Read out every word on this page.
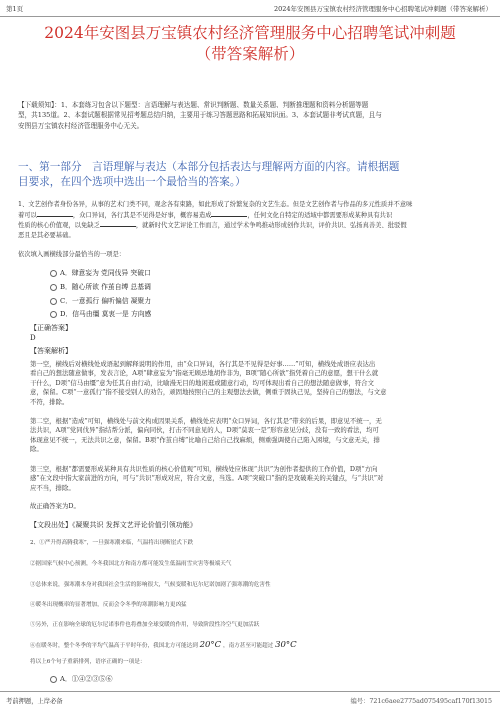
第1页	2024年安图县万宝镇农村经济管理服务中心招聘笔试冲刺题（带答案解析）
2024年安图县万宝镇农村经济管理服务中心招聘笔试冲刺题
（带答案解析）
【下载须知】：1、本套练习包含以下题型：言语理解与表达题、常识判断题、数量关系题、判断推理题和资料分析题等题
型，共135道。2、本套试题根据常见招考题总结归纳，主要用于练习答题思路和拓展知识面。3、本套试题非考试真题，且与
安图县万宝镇农村经济管理服务中心无关。
一、第一部分　言语理解与表达（本部分包括表达与理解两方面的内容。请根据题
目要求，在四个选项中选出一个最恰当的答案。）
1、文艺创作者身份各异，从事的艺术门类不同，观念各有束路，如此形成了纷繁复杂的文艺生态。但是文艺创作者与作品的多元性质并不意味
着可以	，众口异词，各行其是不见得是好事，概容易造成	，任何文化自特定的适域中都需要形成某种具有共识
性质的核心价值观，以免缺乏	，就新时代文艺评论工作而言，通过学术争鸣推动形成创作共识，评价共识、弘扬真善美、批驳假
恶且是其必要基础。
依次填入画横线部分最恰当的一项是：
A．肆意妄为 党同伐异 突破口
B．随心所欲 作茧自缚 总基调
C．一意孤行 偏听偏信 凝聚力
D．信马由缰 莫衷一是 方向感
【正确答案】
D
【答案解析】
第一空，横线后对横线处成语起到解释说明的作用，由“众口异词，各行其是不见得是好事……”可知，横线处成语应表达出
看自己的想法随意做事，发表言论，A项“肆意妄为”指毫无顾忌地胡作非为，B项“随心所欲”指凭着自己的意愿，想干什么就
干什么，D项“信马由缰”意为任其自由行动，比喻漫无目的地闲逛或随意行动，均可体现出看自己的想法随意做事，符合文
意，保留。C项“一意孤行”指不接受别人的劝告，顽固地按照自己的主观想法去做，侧重于固执己见，坚持自己的想法，与文意
不符，排除。
第二空，根据“造成”可知，横线处与前文构成因果关系，横线处应表明“众口异词，各行其是”带来的后果，即意见不统一，无
法共识，A项“党同伐异”指结帮分派，偏向同伙，打击不同意见的人，D项“莫衷一是”形容意见分歧，没有一致的看法，均可
体现意见不统一，无法共识之意，保留。B项“作茧自缚”比喻自己给自己找麻烦，侧重强调使自己陷入困境，与文意无关，排
除。
第三空，根据“都需要形成某种具有共识性质的核心价值观”可知，横线处应体现“共识”为创作者提供的工作价值，D项“方向
感”在文段中指大家前进的方向，可与“共识”形成对应，符合文意，当选。A项“突破口”指的是攻破难关的关键点，与“共识”对
应不当，排除。
故正确答案为D。
【文段出处】《凝聚共识 发挥文艺评论价值引领功能》
2、①严升得高腾我寒”，一旦强寒潮来临，气温将出现断崖式下跌
②据国家气候中心预测，今冬我国北方和南方都可能发生低温雨雪灾害等极端天气
③总体来说，强寒潮本身对我国社会生活的影响很大，气候变暖和厄尔尼诺加剧了强寒潮的危害性
④暖冬出现概率的显著增加，反而会令冬季的寒潮影响力更凶猛
⑤另外，正在影响全球的厄尔尼诺事件也将叠加全球变暖的作用，导致阶段性冷空气更加活跃
⑥在暖冬时，整个冬季的平均气温高于平时年份，我国北方可能达到 20°C ，南方甚至可能超过 30°C
将以上6个句子重新排列，语序正确的一项是：
A．①④②③⑤⑥
考前押题，上岸必备	编号：721c6aee2775ad075495caf170f13015
